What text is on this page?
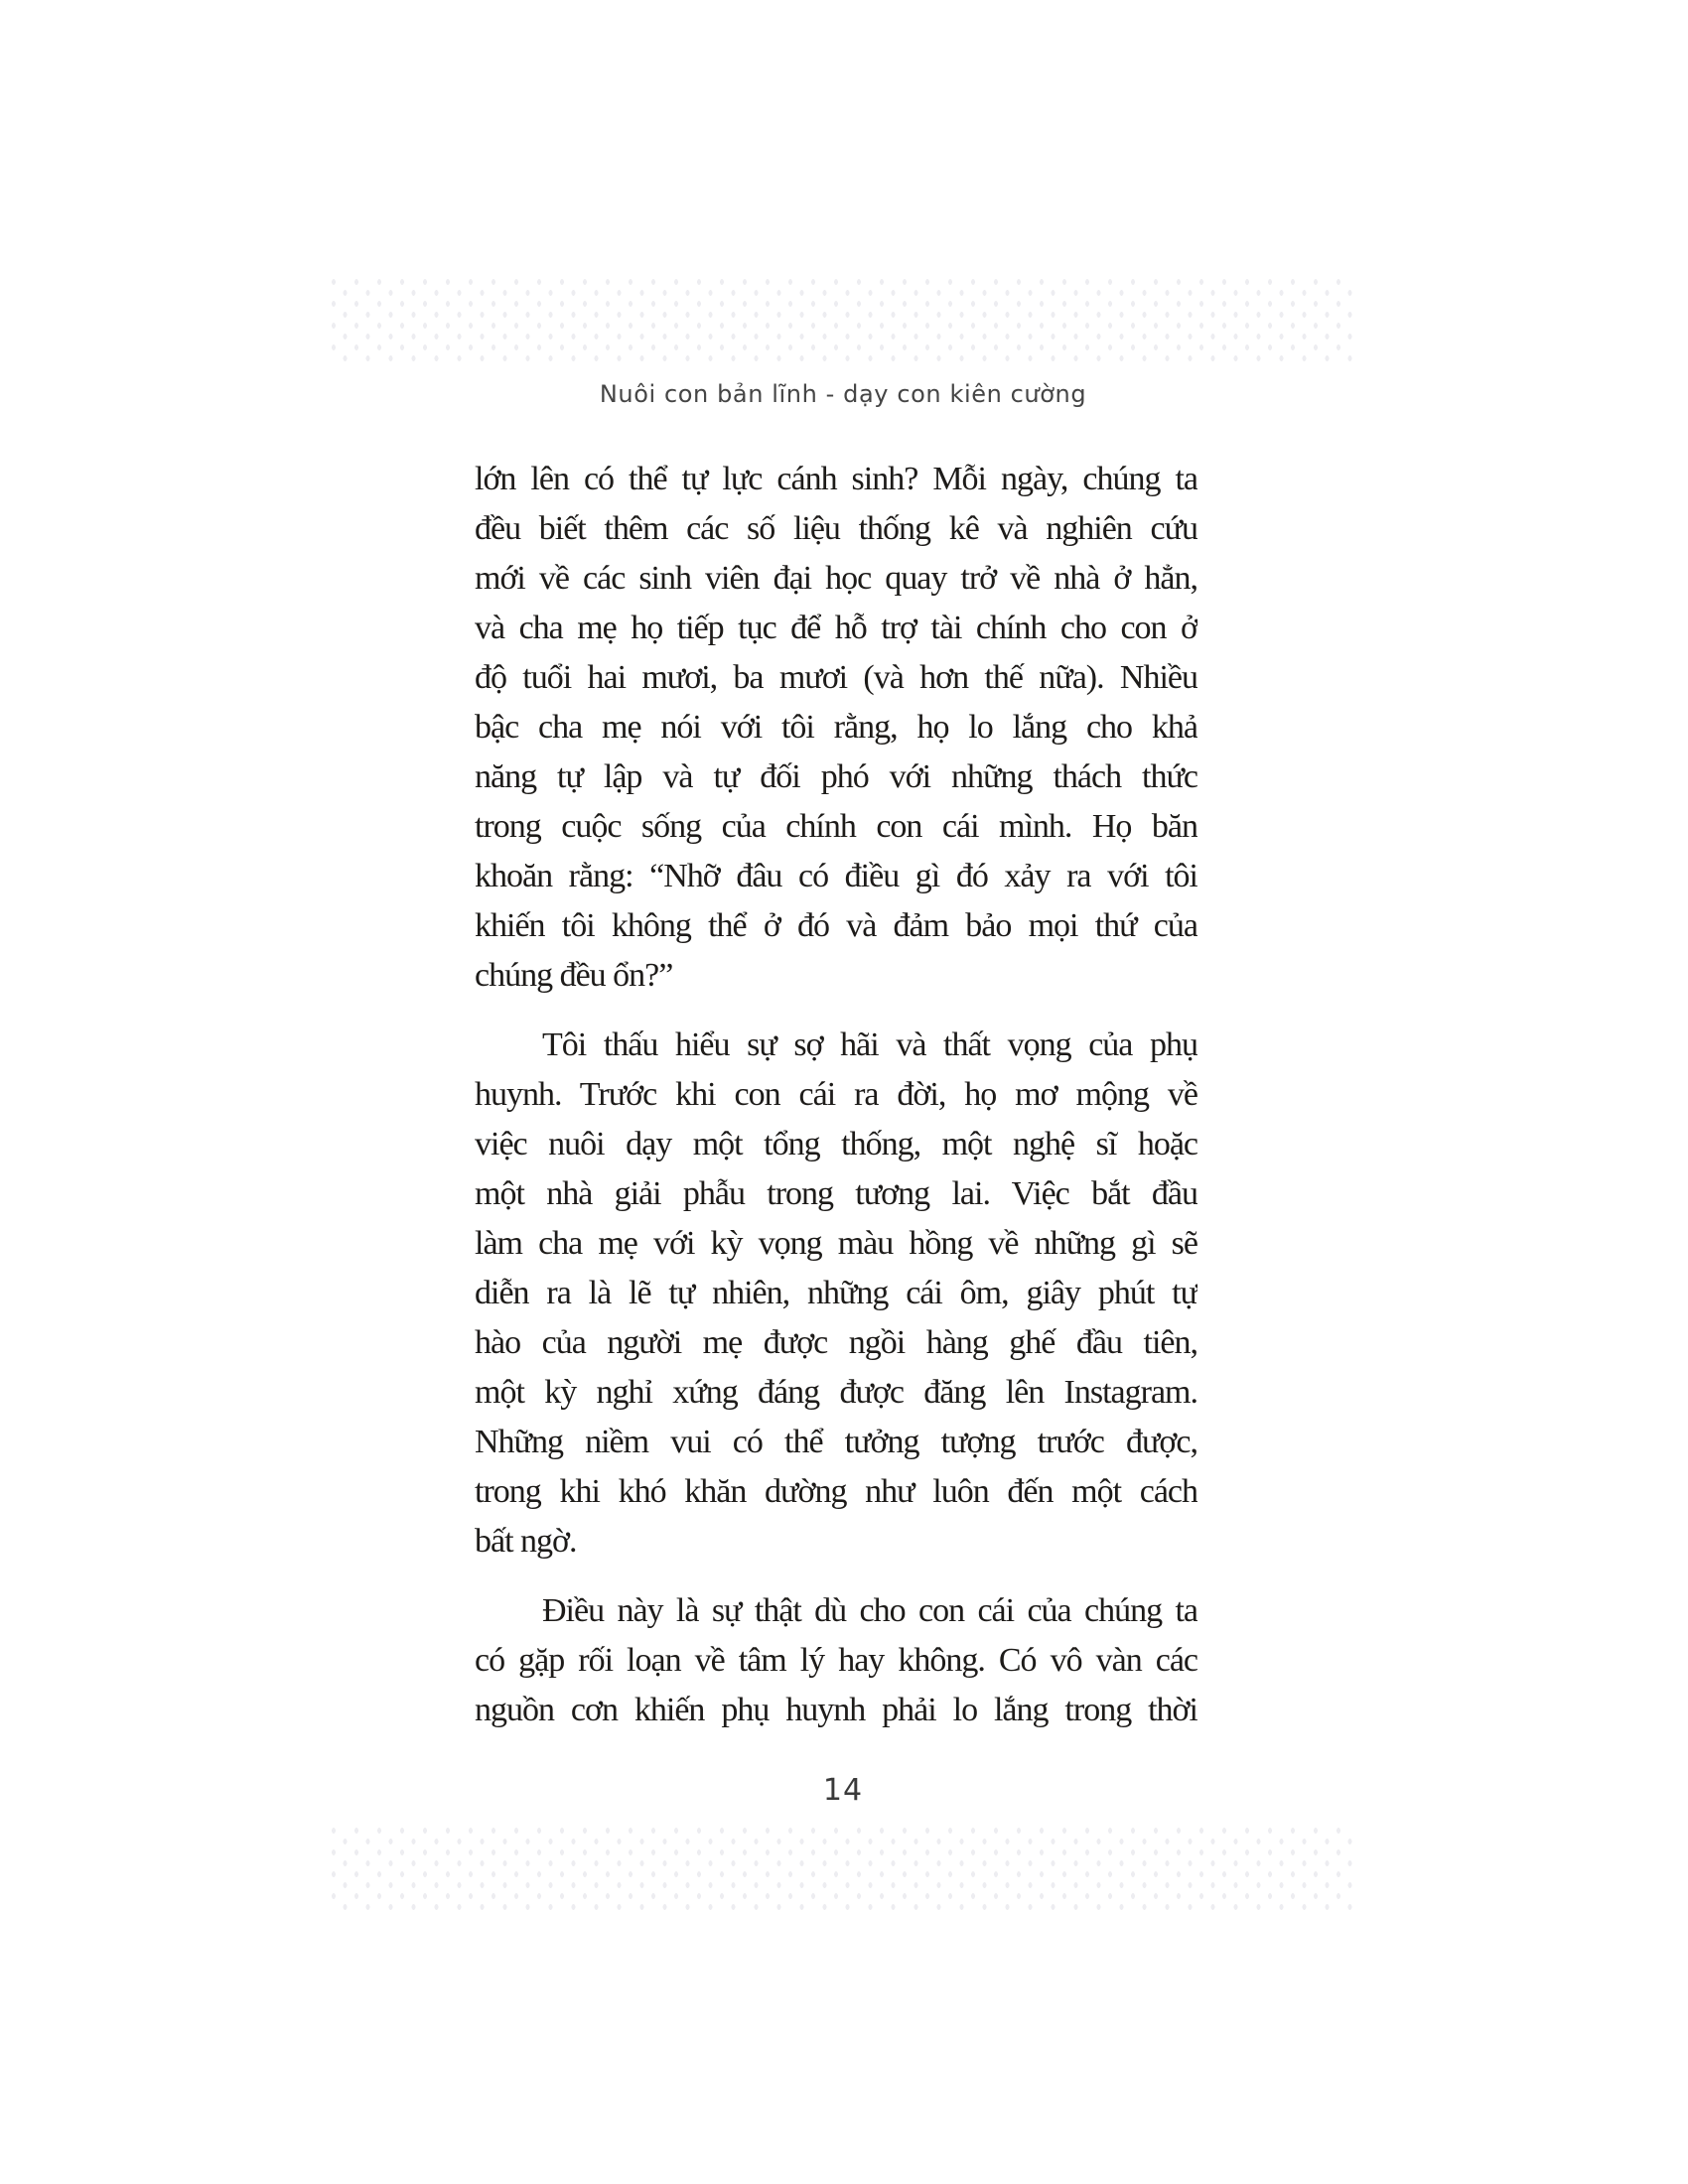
Nuôi con bản lĩnh - dạy con kiên cường
lớn lên có thể tự lực cánh sinh? Mỗi ngày, chúng ta
đều biết thêm các số liệu thống kê và nghiên cứu
mới về các sinh viên đại học quay trở về nhà ở hẳn,
và cha mẹ họ tiếp tục để hỗ trợ tài chính cho con ở
độ tuổi hai mươi, ba mươi (và hơn thế nữa). Nhiều
bậc cha mẹ nói với tôi rằng, họ lo lắng cho khả
năng tự lập và tự đối phó với những thách thức
trong cuộc sống của chính con cái mình. Họ băn
khoăn rằng: “Nhỡ đâu có điều gì đó xảy ra với tôi
khiến tôi không thể ở đó và đảm bảo mọi thứ của
chúng đều ổn?”
Tôi thấu hiểu sự sợ hãi và thất vọng của phụ
huynh. Trước khi con cái ra đời, họ mơ mộng về
việc nuôi dạy một tổng thống, một nghệ sĩ hoặc
một nhà giải phẫu trong tương lai. Việc bắt đầu
làm cha mẹ với kỳ vọng màu hồng về những gì sẽ
diễn ra là lẽ tự nhiên, những cái ôm, giây phút tự
hào của người mẹ được ngồi hàng ghế đầu tiên,
một kỳ nghỉ xứng đáng được đăng lên Instagram.
Những niềm vui có thể tưởng tượng trước được,
trong khi khó khăn dường như luôn đến một cách
bất ngờ.
Điều này là sự thật dù cho con cái của chúng ta
có gặp rối loạn về tâm lý hay không. Có vô vàn các
nguồn cơn khiến phụ huynh phải lo lắng trong thời
14
